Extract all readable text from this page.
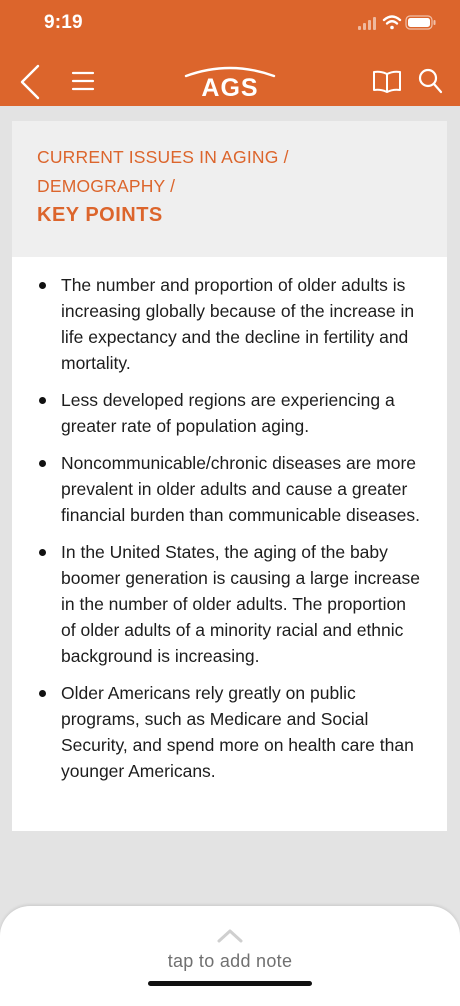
9:19
AGS
CURRENT ISSUES IN AGING /
DEMOGRAPHY /
KEY POINTS
The number and proportion of older adults is increasing globally because of the increase in life expectancy and the decline in fertility and mortality.
Less developed regions are experiencing a greater rate of population aging.
Noncommunicable/chronic diseases are more prevalent in older adults and cause a greater financial burden than communicable diseases.
In the United States, the aging of the baby boomer generation is causing a large increase in the number of older adults. The proportion of older adults of a minority racial and ethnic background is increasing.
Older Americans rely greatly on public programs, such as Medicare and Social Security, and spend more on health care than younger Americans.
tap to add note
